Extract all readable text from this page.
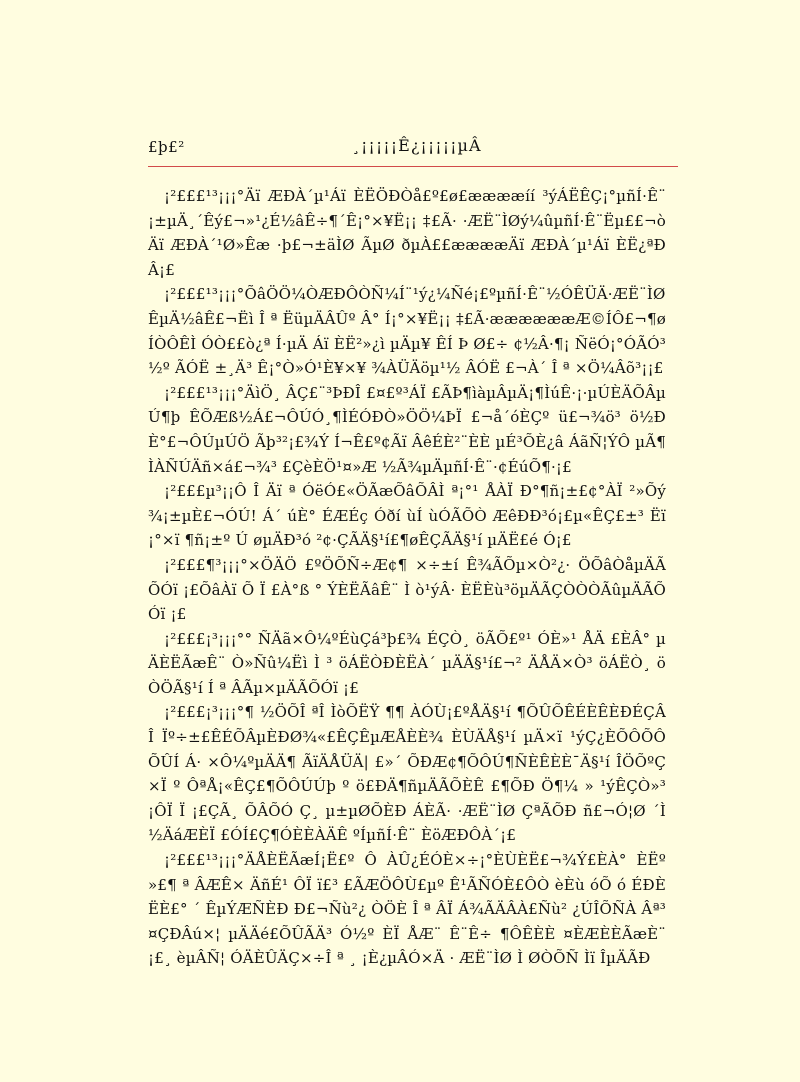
£þ£²	¸¡¡¡¡¡Ê¿¡¡¡¡¡µÂ

¡²£££¹³¡¡¡°Äï ÆÐÀ´µ¹Áï ÈËÖÐÒå£º£ø£ææææíí ³ýÁËÊÇ¡°µñÍ·Ê¨¡±µÄ¸´Êý£¬»¹¿É½âÊ÷¶´Ê¡°×¥Ë¡¡ ‡£Ã· ·ÆË¨ÌØý¼ûµñÍ·Ê¨Ëµ££¬òÄï ÆÐÀ´¹Ø»Êæ ·þ£¬±äÌØ ÃµØ ðµÀ££ææææÄï ÆÐÀ´µ¹Áï ÈË¿ªÐÂ¡£

¡²£££¹³¡¡¡°ÕâÖÖ¼ÒÆÐÔÒÑ¼Í¨¹ý¿¼Ñé¡£ºµñÍ·Ê¨½ÓÊÜÄ·ÆË¨ÌØÊµÄ½âÊ£¬Ëì Î ª ËüµÄÂÛº Â° Í¡°×¥Ë¡¡ ‡£Ã·ææææææÆ©ÍÔ£¬¶øÍÒÔÊÌ ÓÒ££ò¿ª Í·µÄ Áï ÈË²»¿ì µÄµ¥ ÊÍ Þ Ø£÷ ¢½Â·¶¡ ÑëÓ¡°ÓÃÓ³½º ÃÓË ±¸Ä³ Ê¡°Ò»Ó¹È¥×¥ ¾ÀÜÄöµ¹½ ÂÓË £¬À´ Î ª ×Ö¼Âõ³¡¡£

¡²£££¹³¡¡¡°ÄìÖ¸ ÂÇ£¨³ÞÐÎ £¤£º³ÁÏ £ÃÞ¶ìàµÂµÄ¡¶ÌúÊ·¡·µÚÈÄÕÂµÚ¶þ ÊÕÆß½Á£¬ÔÚÓ¸¶ÌÉÓÐÒ»ÖÖ¼ÞÏ £¬å´óÈÇº ü£¬¾ö³ ö½ÐÈ°£¬ÔÚµÚÖ Ãþ³²¡£¾Ý Í¬Ê£º¢Ãï ÂêÉÈ²¨ÈÈ µÉ³ÕÈ¿â ÁãÑ¦ÝÔ µÃ¶ÌÀÑÚÄñ×á£¬¾³ £ÇèÈÖ¹¤»Æ ½Ã¾µÄµñÍ·Ê¨·¢ÉúÕ¶·¡£

¡²£££µ³¡¡Ô Î Äï ª ÓëÓ£«ÖÃæÕâÕÂÌ ª¡°¹ ÅÀÏ Ð°¶ñ¡±£¢°ÀÏ ²»Õý¾¡±µÈ£¬ÓÚ! Á´ úÈ° ÉÆÉç Óðí ùÍ ùÓÃÕÒ ÆêÐÐ³ó¡£µ«ÊÇ£±³ Ëï ¡°×ï ¶ñ¡±º Ú øµÄÐ³ó ²¢·ÇÃÄ§¹í£¶øÊÇÃÄ§¹í µÄË£é Ó¡£

¡²£££¶³¡¡¡°×ÖÄÖ £ºÖÕÑ÷Æ¢¶ ×÷±í Ê¾ÃÕµ×Ò²¿· ÖÕâÒåµÄÃÕÓï ¡£ÕâÀï Õ Ï £À°ß ° ÝÈËÃâÊ¨ Ì ò¹ýÂ· ÈËÈù³öµÄÃÇÒÒÒÃûµÄÃÕÓï ¡£

¡²£££¡³¡¡¡°° ÑÄã×Ô¼ºÉùÇá³þ£¾ ÉÇÒ¸ öÃÕ£º¹ ÓÈ»¹ ÅÄ £ÈÂ° µÄÈËÃæÊ¨ Ò»Ñû¼Ëì Ì ³ öÁËÒÐÈËÀ´ µÄÄ§¹í£¬² ÄÅÄ×Ò³ öÁËÒ¸ öÒÖÃ§¹í Í ª ÂÃµ×µÄÃÕÓï ¡£

¡²£££¡³¡¡¡°¶ ½ÖÕÎ ªÎ ÌòÕËŸ ¶¶ ÀÓÙ¡£ºÅÄ§¹í ¶ÕÛÕÊÉÈÊÈÐÉÇÂÎ Ïº÷±£ÊÉÕÂµÈÐØ¾«£ÊÇÊµÆÅÈÈ¾ ÈÙÄÅ§¹í µÄ×ï ¹ýÇ¿ÈÕÔÕÔÕÛÍ Á· ×Ô¼ºµÄÄ¶ ÃïÄÅÜÄ| £»´ ÕÐÆ¢¶ÕÔÚ¶ÑÈÊÈÈ¯Ä§¹í ÎÖÕºÇ×Ï º ÔªÅ¡«ÊÇ£¶ÕÔÚÚþ º ö£ÐÄ¶ñµÄÃÕÈÊ £¶ÕÐ Ö¶¼ » ¹ýÊÇÒ»³ ¡ÔÏ Ï ¡£ÇÃ¸ ÕÂÕÓ Ç¸ µ±µØÕÈÐ ÁÈÃ· ·ÆË¨ÌØ ÇªÃÕÐ ñ£¬Ó¦Ø ´Ì ½ÄáÆÈÏ £ÓÍ£Ç¶ÓÈÈÀÄÊ ºÍµñÍ·Ê¨ ÈöÆÐÔÀ´¡£

¡²£££¹³¡¡¡°ÄÅÈËÃæÍ¡Ë£º Ô ÀÛ¿ÉÓÈ×÷¡°ÈÙÈË£¬¾Ý£ÈÀ° ÈËº »£¶ ª ÂÆÊ× ÄñÉ¹ ÔÏ ï£³ £ÃÆÖÔÙ£µº Ê¹ÃÑÓÈ£ÔÒ èÈù óÕ ó ÉÐÈËÈ£° ´ ÊµÝÆÑÈÐ Ð£¬Ñù²¿ ÒÖÈ Î ª ÂÏ Á¾ÃÄÂÀ£Ñù² ¿ÚÎÕÑÀ Âª³ ¤ÇÐÂú×¦ µÄÄé£ÕÛÃÄ³ Ó½º ÈÏ ÅÆ¨ Ê¨Ê÷ ¶ÔÊÈÈ ¤ÈÆÈÈÃæÈ¨ ¡£¸ èµÂÑ¦ ÓÄÈÛÄÇ×÷Î ª ¸ ¡È¿µÂÓ×Ä · ÆË¨ÌØ Ì ØÒÕÑ Ìï ÎµÄÃÐ
